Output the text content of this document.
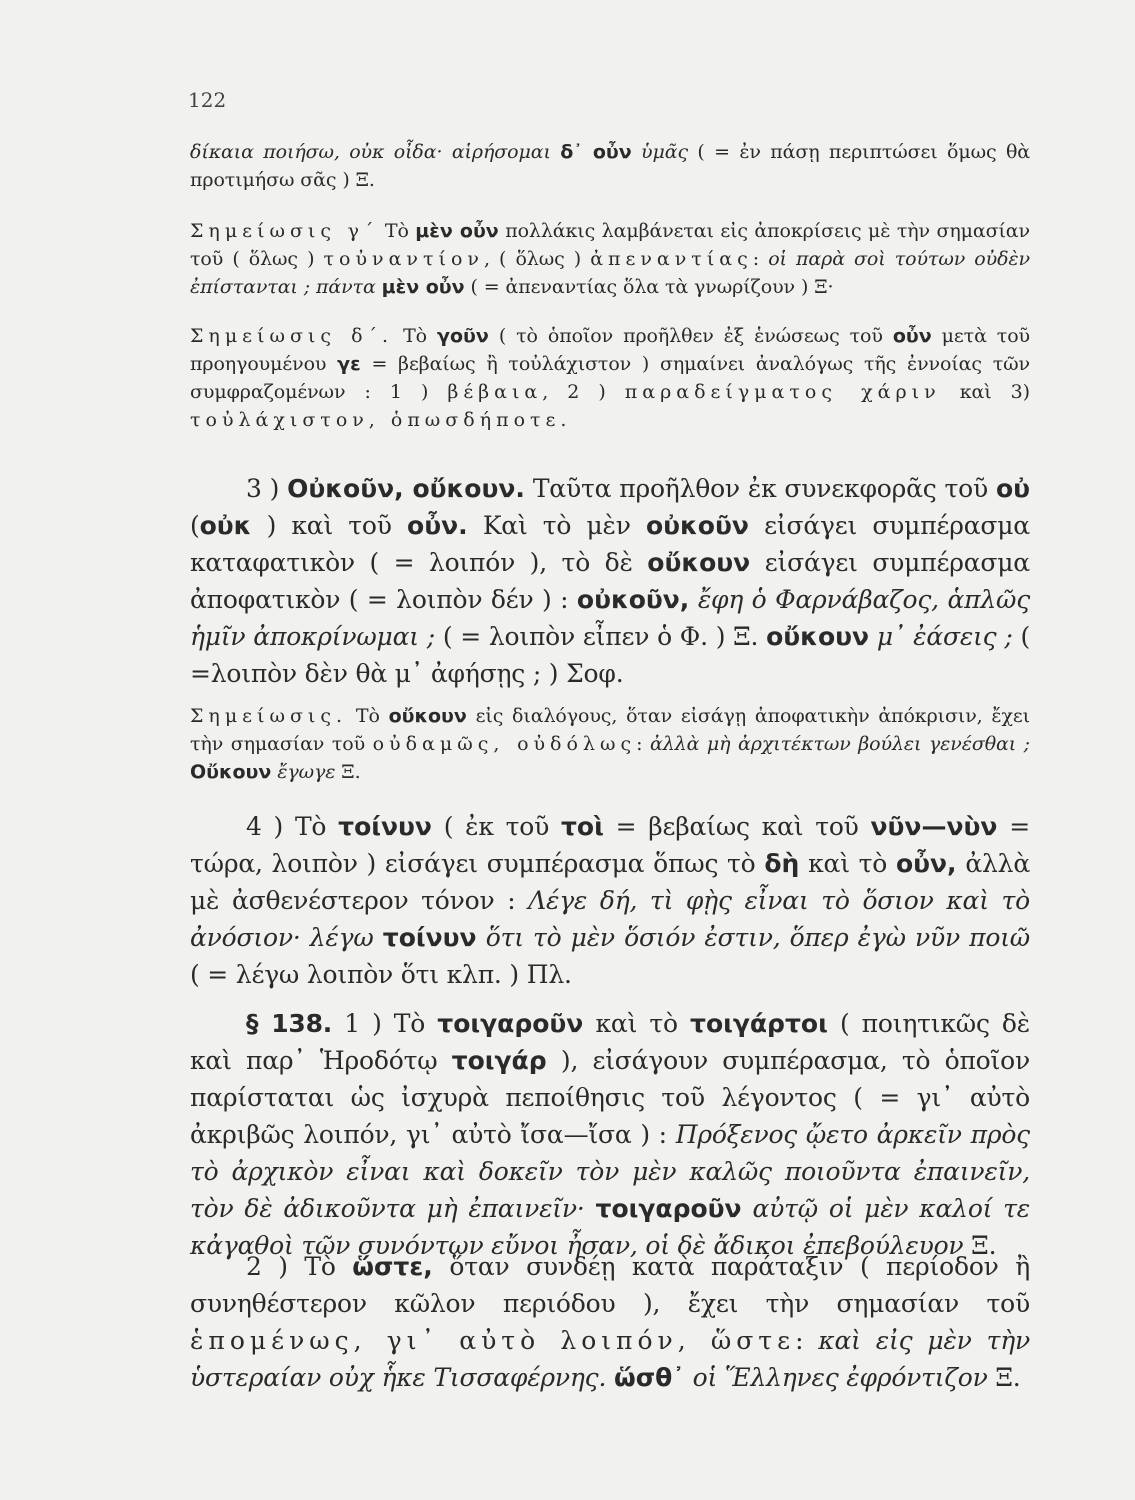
122

δίκαια ποιήσω, οὐκ οἶδα· αἱρήσομαι δ᾽ οὖν ὑμᾶς ( = ἐν πάσῃ περιπτώσει ὅμως θὰ προτιμήσω σᾶς ) Ξ.

Σημείωσις γ΄ Τὸ μὲν οὖν πολλάκις λαμβάνεται εἰς ἀποκρίσεις μὲ τὴν σημασίαν τοῦ ( ὅλως ) τοὐναντίον, ( ὅλως ) ἀπεναντίας: οἱ παρὰ σοὶ τούτων οὐδὲν ἐπίστανται ; πάντα μὲν οὖν ( = ἀπεναντίας ὅλα τὰ γνωρίζουν ) Ξ·

Σημείωσις δ΄. Τὸ γοῦν ( τὸ ὁποῖον προῆλθεν ἐξ ἑνώσεως τοῦ οὖν μετὰ τοῦ προηγουμένου γε = βεβαίως ἢ τοὐλάχιστον ) σημαίνει ἀναλόγως τῆς ἐννοίας τῶν συμφραζομένων : 1 ) βέβαια, 2 ) παραδείγματος χάριν καὶ 3) τοὐλάχιστον, ὁπωσδήποτε.

3 ) Οὐκοῦν, οὔκουν. Ταῦτα προῆλθον ἐκ συνεκφορᾶς τοῦ οὐ (οὐκ ) καὶ τοῦ οὖν. Καὶ τὸ μὲν οὐκοῦν εἰσάγει συμπέρασμα καταφατικὸν ( = λοιπόν ), τὸ δὲ οὔκουν εἰσάγει συμπέρασμα ἀποφατικὸν ( = λοιπὸν δέν ) : οὐκοῦν, ἔφη ὁ Φαρνάβαζος, ἁπλῶς ἡμῖν ἀποκρίνωμαι ; ( = λοιπὸν εἶπεν ὁ Φ. ) Ξ. οὔκουν μ᾽ ἐάσεις ; ( =λοιπὸν δὲν θὰ μ᾽ ἀφήσῃς ; ) Σοφ.

Σημείωσις. Τὸ οὔκουν εἰς διαλόγους, ὅταν εἰσάγῃ ἀποφατικὴν ἀπόκρισιν, ἔχει τὴν σημασίαν τοῦ οὐδαμῶς, οὐδόλως: ἀλλὰ μὴ ἀρχιτέκτων βούλει γενέσθαι ; Οὔκουν ἔγωγε Ξ.

4 ) Τὸ τοίνυν ( ἐκ τοῦ τοὶ = βεβαίως καὶ τοῦ νῦν—νὺν = τώρα, λοιπὸν ) εἰσάγει συμπέρασμα ὅπως τὸ δὴ καὶ τὸ οὖν, ἀλλὰ μὲ ἀσθενέστερον τόνον : Λέγε δή, τὶ φῂς εἶναι τὸ ὅσιον καὶ τὸ ἀνόσιον· λέγω τοίνυν ὅτι τὸ μὲν ὅσιόν ἐστιν, ὅπερ ἐγὼ νῦν ποιῶ ( = λέγω λοιπὸν ὅτι κλπ. ) Πλ.

§ 138. 1 ) Τὸ τοιγαροῦν καὶ τὸ τοιγάρτοι ( ποιητικῶς δὲ καὶ παρ᾽ Ἡροδότῳ τοιγάρ ), εἰσάγουν συμπέρασμα, τὸ ὁποῖον παρίσταται ὡς ἰσχυρὰ πεποίθησις τοῦ λέγοντος ( = γι᾽ αὐτὸ ἀκριβῶς λοιπόν, γι᾽ αὐτὸ ἴσα—ἴσα ) : Πρόξενος ᾤετο ἀρκεῖν πρὸς τὸ ἀρχικὸν εἶναι καὶ δοκεῖν τὸν μὲν καλῶς ποιοῦντα ἐπαινεῖν, τὸν δὲ ἀδικοῦντα μὴ ἐπαινεῖν· τοιγαροῦν αὐτῷ οἱ μὲν καλοί τε κἀγαθοὶ τῶν συνόντων εὔνοι ἦσαν, οἱ δὲ ἄδικοι ἐπεβούλευον Ξ.

2 ) Τὸ ὥστε, ὅταν συνδέῃ κατὰ παράταξιν ( περίοδον ἢ συνηθέστερον κῶλον περιόδου ), ἔχει τὴν σημασίαν τοῦ ἑπομένως, γι᾽ αὐτὸ λοιπόν, ὥστε: καὶ εἰς μὲν τὴν ὑστεραίαν οὐχ ἧκε Τισσαφέρνης. ὥσθ᾽ οἱ Ἕλληνες ἐφρόντιζον Ξ.
